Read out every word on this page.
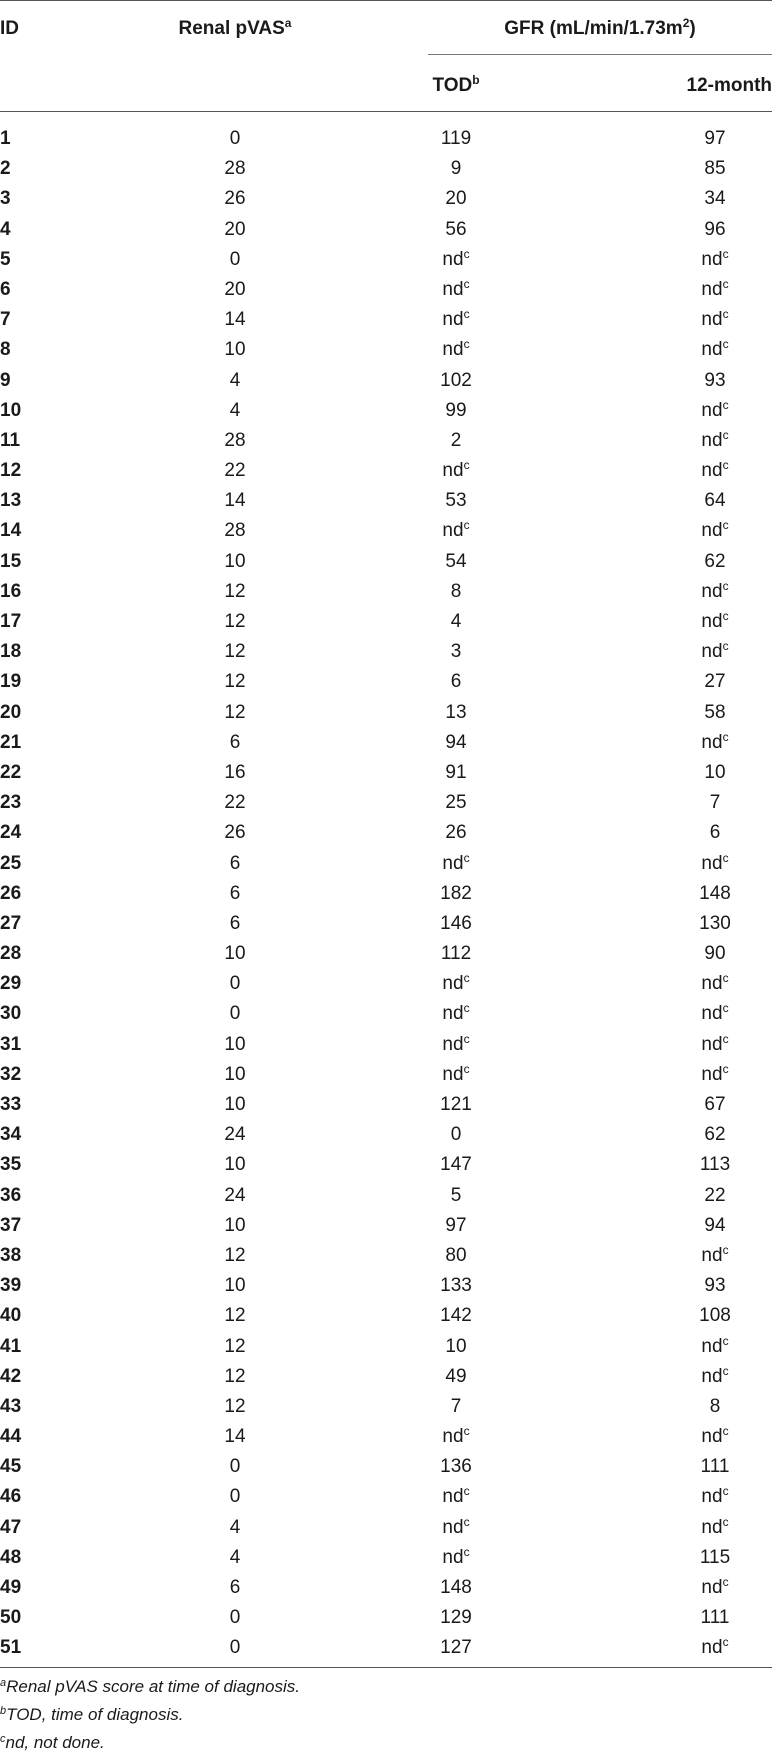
ID	Renal pVAS$^a$	GFR $(mL/\min/1.73m^2)$
TOD$^b$	12-month
1	0	119	97
2	28	9	85
3	26	20	34
4	20	56	96
5	0	$nd^c$	$nd^c$
6	20	$nd^c$	$nd^c$
7	14	$nd^c$	$nd^c$
8	10	$nd^c$	$nd^c$
9	4	102	93
10	4	99	$nd^c$
11	28	2	$nd^c$
12	22	$nd^c$	$nd^c$
13	14	53	64
14	28	$nd^c$	$nd^c$
15	10	54	62
16	12	8	$nd^c$
17	12	4	$nd^c$
18	12	3	$nd^c$
19	12	6	27
20	12	13	58
21	6	94	$nd^c$
22	16	91	10
23	22	25	7
24	26	26	6
25	6	$nd^c$	$nd^c$
26	6	182	148
27	6	146	130
28	10	112	90
29	0	$nd^c$	$nd^c$
30	0	$nd^c$	$nd^c$
31	10	$nd^c$	$nd^c$
32	10	$nd^c$	$nd^c$
33	10	121	67
34	24	0	62
35	10	147	113
36	24	5	22
37	10	97	94
38	12	80	$nd^c$
39	10	133	93
40	12	142	108
41	12	10	$nd^c$
42	12	49	$nd^c$
43	12	7	8
44	14	$nd^c$	$nd^c$
45	0	136	111
46	0	$nd^c$	$nd^c$
47	4	$nd^c$	$nd^c$
48	4	$nd^c$	115
49	6	148	$nd^c$
50	0	129	111
51	0	127	$nd^c$
$^a$Renal pVAS score at time of diagnosis.
$^b$TOD, time of diagnosis.
$^c$nd, not done.
